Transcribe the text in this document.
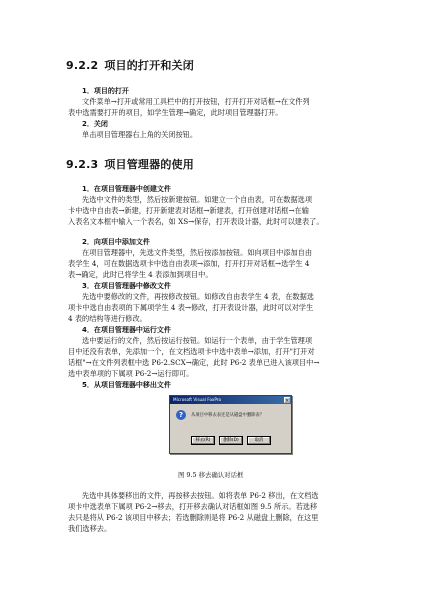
9.2.2 项目的打开和关闭
1．项目的打开
文件菜单→打开或常用工具栏中的打开按钮，打开打开对话框→在文件列
表中选需要打开的项目，如学生管理→确定，此时项目管理器打开。
2．关闭
单击项目管理器右上角的关闭按钮。
9.2.3 项目管理器的使用
1．在项目管理器中创建文件
先选中文件的类型，然后按新建按钮。如建立一个自由表，可在数据选项
卡中选中自由表→新建，打开新建表对话框→新建表，打开创建对话框→在输
入表名文本框中输入一个表名，如 XS→保存，打开表设计器，此时可以建表了。
2．向项目中添加文件
在项目管理器中，先选文件类型，然后按添加按钮。如向项目中添加自由
表学生 4，可在数据选项卡中选自由表项→添加，打开打开对话框→选学生 4
表→确定，此时已将学生 4 表添加到项目中。
3．在项目管理器中修改文件
先选中要修改的文件，再按修改按钮。如修改自由表学生 4 表，在数据选
项卡中选自由表项的下属项学生 4 表→修改，打开表设计器，此时可以对学生
4 表的结构等进行修改。
4．在项目管理器中运行文件
选中要运行的文件，然后按运行按钮。如运行一个表单，由于学生管理项
目中还没有表单，先添加一个，在文档选项卡中选中表单→添加，打开"打开对
话框"→在文件列表框中选 P6-2.SCX→确定，此时 P6-2 表单已进入该项目中→
选中表单项的下属项 P6-2→运行即可。
5．从项目管理器中移出文件
Microsoft Visual FoxPro	×
?	从项目中移去表还是从磁盘中删除表？
移去(R)	删除(D)	取消
图 9.5 移去确认对话框
先选中具体要移出的文件，再按移去按钮。如将表单 P6-2 移出，在文档选
项卡中选表单下属项 P6-2→移去，打开移去确认对话框如图 9.5 所示。若选移
去只是将从 P6-2 该项目中移去；若选删除则是将 P6-2 从磁盘上删除，在这里
我们选移去。
